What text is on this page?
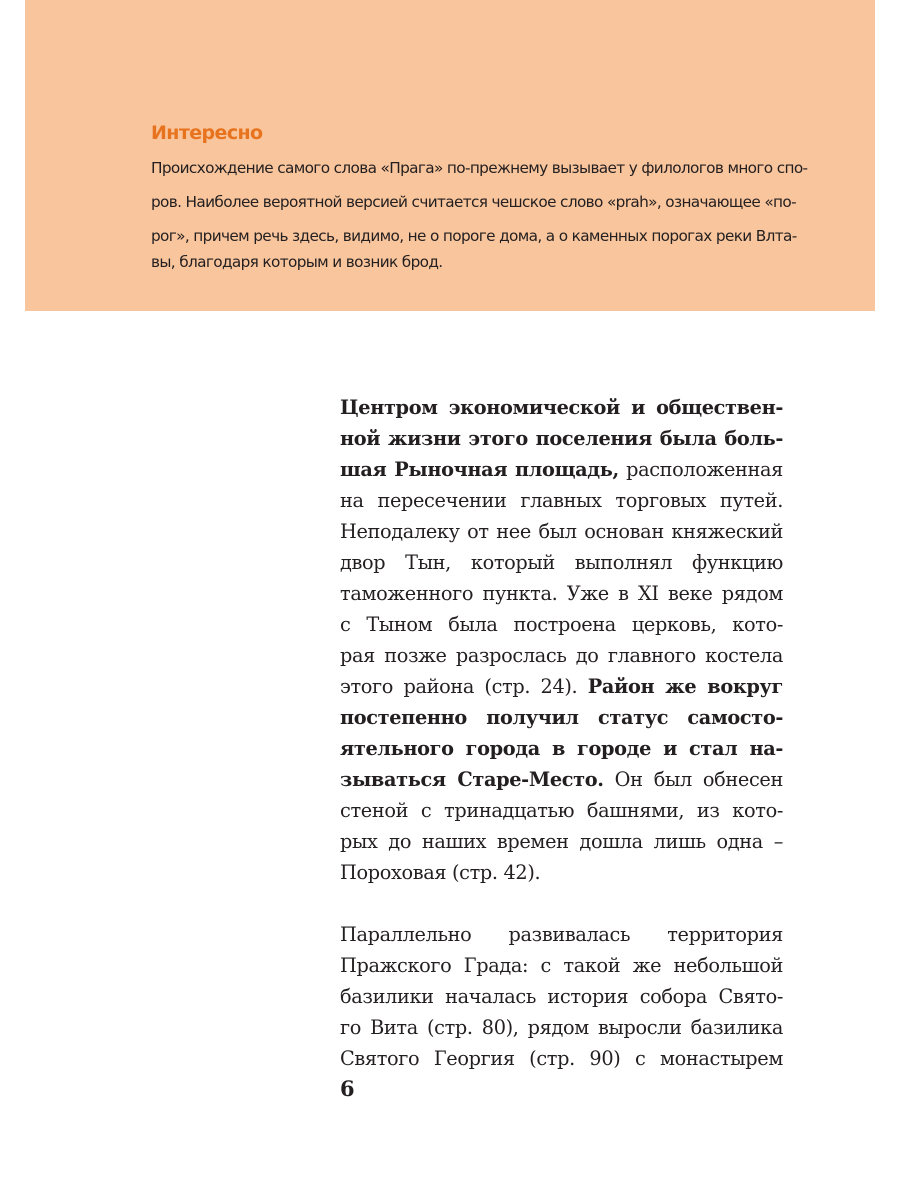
Интересно
Происхождение самого слова «Прага» по-прежнему вызывает у филологов много спо-
ров. Наиболее вероятной версией считается чешское слово «prah», означающее «по-
рог», причем речь здесь, видимо, не о пороге дома, а о каменных порогах реки Влта-
вы, благодаря которым и возник брод.
Центром экономической и обществен-
ной жизни этого поселения была боль-
шая Рыночная площадь, расположенная
на пересечении главных торговых путей.
Неподалеку от нее был основан княжеский
двор Тын, который выполнял функцию
таможенного пункта. Уже в XI веке рядом
с Тыном была построена церковь, кото-
рая позже разрослась до главного костела
этого района (стр. 24). Район же вокруг
постепенно получил статус самосто-
ятельного города в городе и стал на-
зываться Старе-Место. Он был обнесен
стеной с тринадцатью башнями, из кото-
рых до наших времен дошла лишь одна –
Пороховая (стр. 42).
Параллельно развивалась территория
Пражского Града: с такой же небольшой
базилики началась история собора Свято-
го Вита (стр. 80), рядом выросли базилика
Святого Георгия (стр. 90) с монастырем
6
